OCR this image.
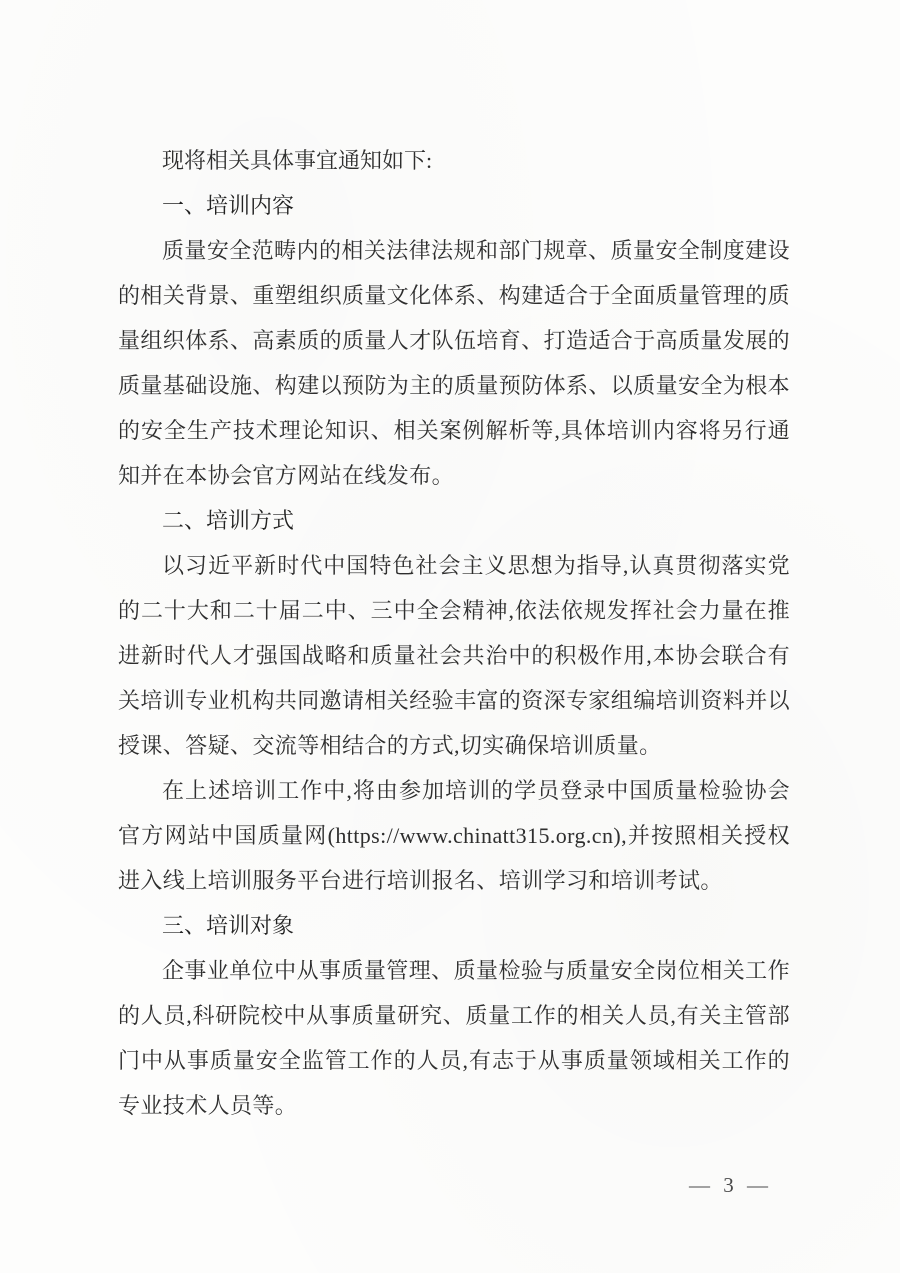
现将相关具体事宜通知如下:

一、培训内容

质量安全范畴内的相关法律法规和部门规章、质量安全制度建设的相关背景、重塑组织质量文化体系、构建适合于全面质量管理的质量组织体系、高素质的质量人才队伍培育、打造适合于高质量发展的质量基础设施、构建以预防为主的质量预防体系、以质量安全为根本的安全生产技术理论知识、相关案例解析等,具体培训内容将另行通知并在本协会官方网站在线发布。

二、培训方式

以习近平新时代中国特色社会主义思想为指导,认真贯彻落实党的二十大和二十届二中、三中全会精神,依法依规发挥社会力量在推进新时代人才强国战略和质量社会共治中的积极作用,本协会联合有关培训专业机构共同邀请相关经验丰富的资深专家组编培训资料并以授课、答疑、交流等相结合的方式,切实确保培训质量。

在上述培训工作中,将由参加培训的学员登录中国质量检验协会官方网站中国质量网(https://www.chinatt315.org.cn),并按照相关授权进入线上培训服务平台进行培训报名、培训学习和培训考试。

三、培训对象

企事业单位中从事质量管理、质量检验与质量安全岗位相关工作的人员,科研院校中从事质量研究、质量工作的相关人员,有关主管部门中从事质量安全监管工作的人员,有志于从事质量领域相关工作的专业技术人员等。

— 3 —
